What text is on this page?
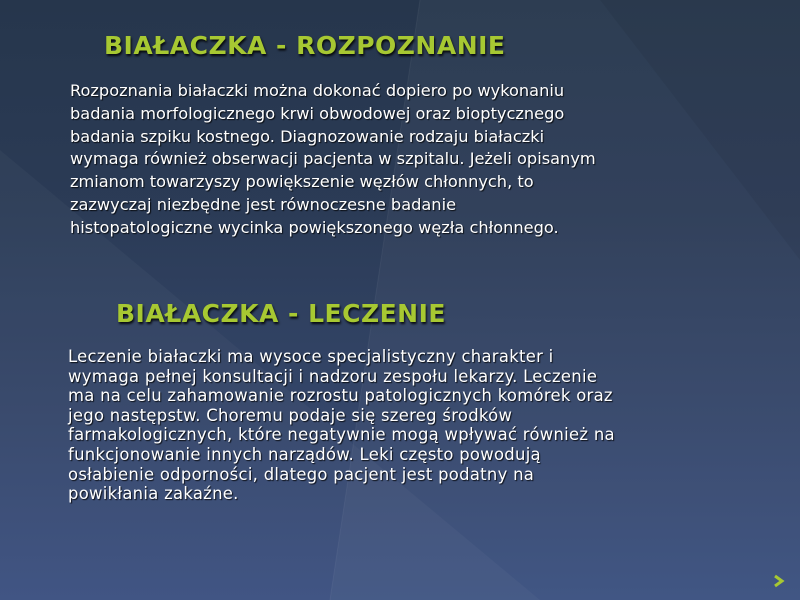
BIAŁACZKA - ROZPOZNANIE

Rozpoznania białaczki można dokonać dopiero po wykonaniu
badania morfologicznego krwi obwodowej oraz bioptycznego
badania szpiku kostnego. Diagnozowanie rodzaju białaczki
wymaga również obserwacji pacjenta w szpitalu. Jeżeli opisanym
zmianom towarzyszy powiększenie węzłów chłonnych, to
zazwyczaj niezbędne jest równoczesne badanie
histopatologiczne wycinka powiększonego węzła chłonnego.

BIAŁACZKA - LECZENIE

Leczenie białaczki ma wysoce specjalistyczny charakter i
wymaga pełnej konsultacji i nadzoru zespołu lekarzy. Leczenie
ma na celu zahamowanie rozrostu patologicznych komórek oraz
jego następstw. Choremu podaje się szereg środków
farmakologicznych, które negatywnie mogą wpływać również na
funkcjonowanie innych narządów. Leki często powodują
osłabienie odporności, dlatego pacjent jest podatny na
powikłania zakaźne.
